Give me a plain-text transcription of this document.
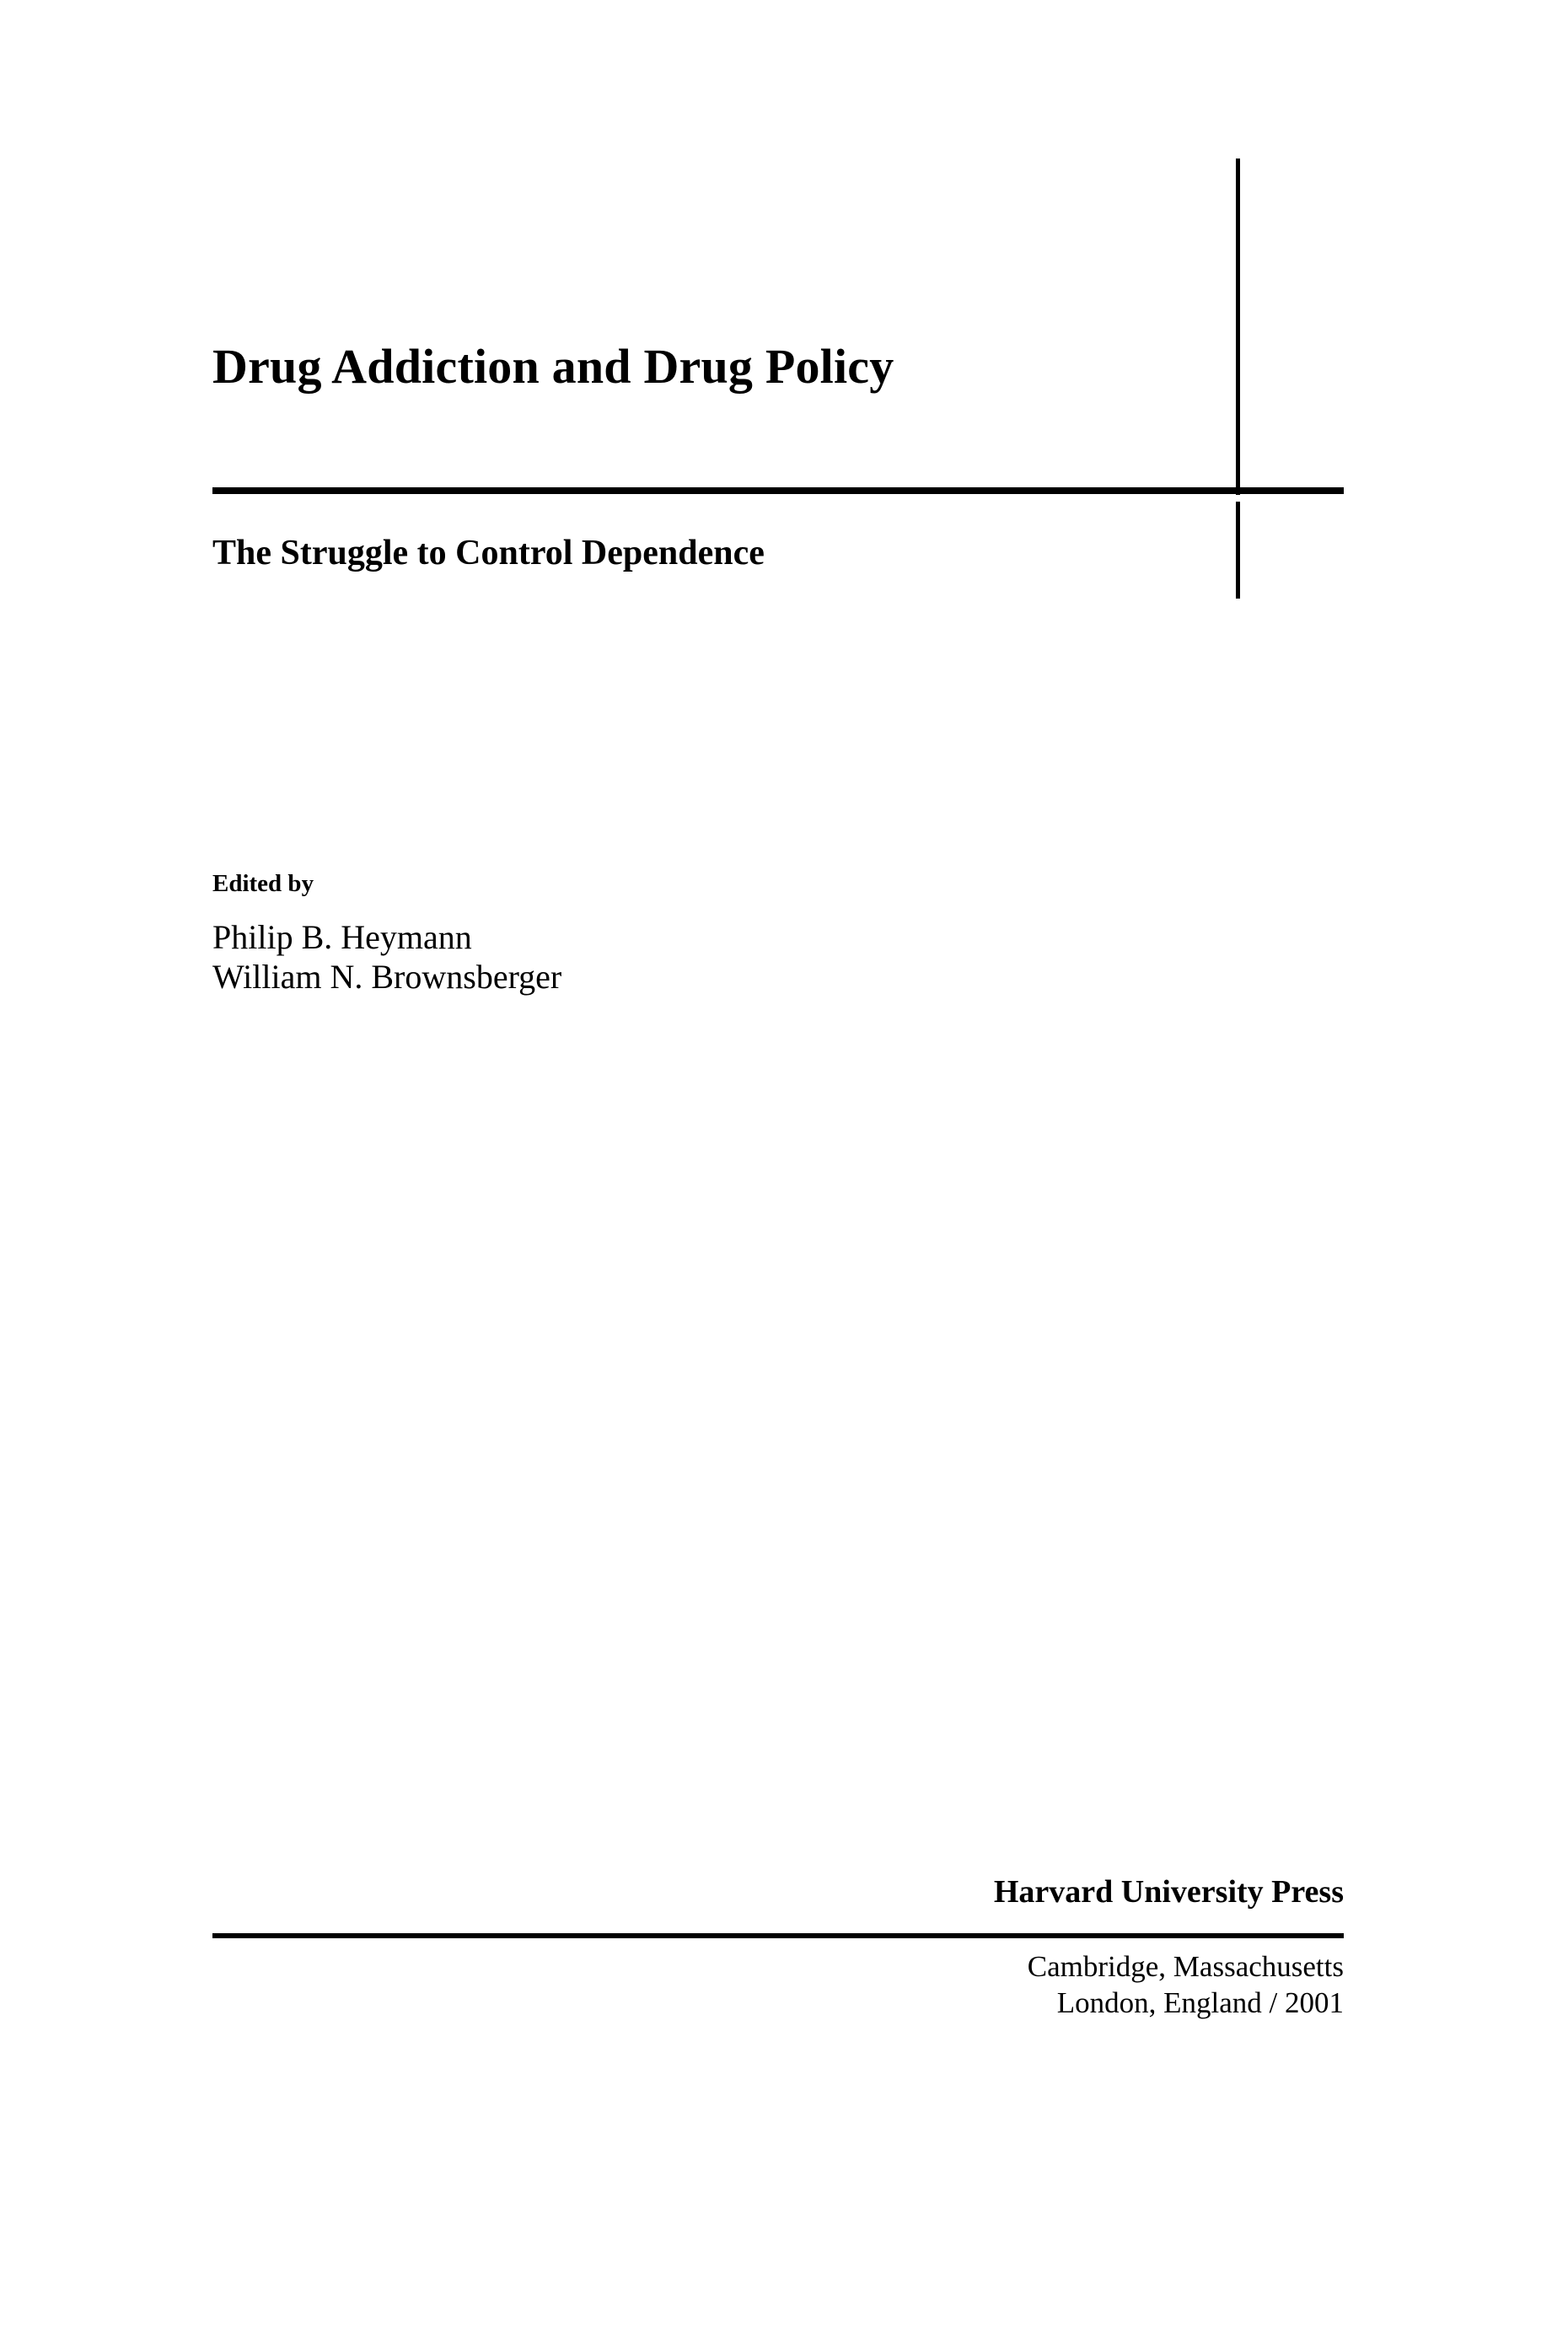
Drug Addiction and Drug Policy
The Struggle to Control Dependence
Edited by
Philip B. Heymann
William N. Brownsberger
Harvard University Press
Cambridge, Massachusetts
London, England / 2001
